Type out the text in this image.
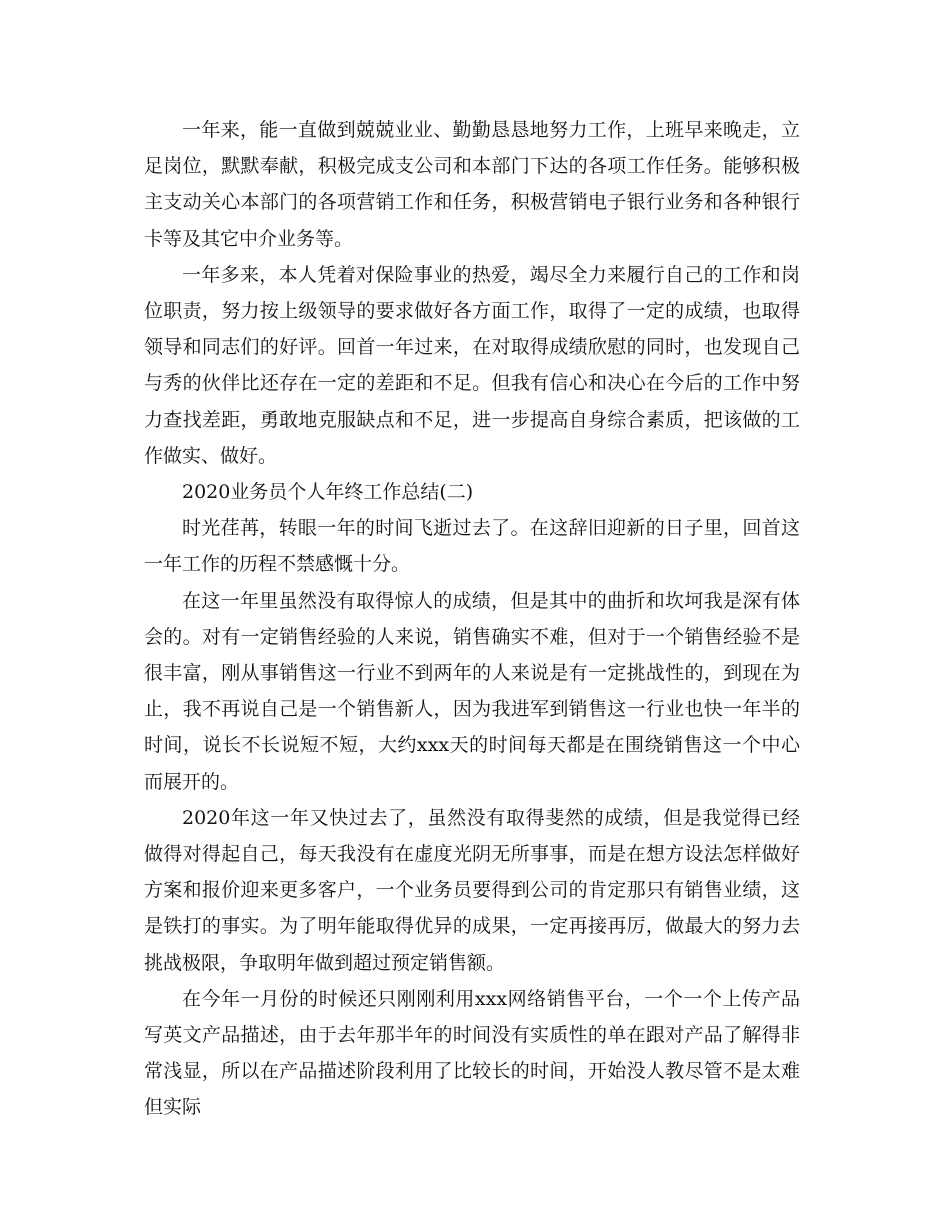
一年来，能一直做到兢兢业业、勤勤恳恳地努力工作，上班早来晚走，立足岗位，默默奉献，积极完成支公司和本部门下达的各项工作任务。能够积极主支动关心本部门的各项营销工作和任务，积极营销电子银行业务和各种银行卡等及其它中介业务等。

一年多来，本人凭着对保险事业的热爱，竭尽全力来履行自己的工作和岗位职责，努力按上级领导的要求做好各方面工作，取得了一定的成绩，也取得领导和同志们的好评。回首一年过来，在对取得成绩欣慰的同时，也发现自己与秀的伙伴比还存在一定的差距和不足。但我有信心和决心在今后的工作中努力查找差距，勇敢地克服缺点和不足，进一步提高自身综合素质，把该做的工作做实、做好。

2020业务员个人年终工作总结(二)

时光荏苒，转眼一年的时间飞逝过去了。在这辞旧迎新的日子里，回首这一年工作的历程不禁感慨十分。

在这一年里虽然没有取得惊人的成绩，但是其中的曲折和坎坷我是深有体会的。对有一定销售经验的人来说，销售确实不难，但对于一个销售经验不是很丰富，刚从事销售这一行业不到两年的人来说是有一定挑战性的，到现在为止，我不再说自己是一个销售新人，因为我进军到销售这一行业也快一年半的时间，说长不长说短不短，大约xxx天的时间每天都是在围绕销售这一个中心而展开的。

2020年这一年又快过去了，虽然没有取得斐然的成绩，但是我觉得已经做得对得起自己，每天我没有在虚度光阴无所事事，而是在想方设法怎样做好方案和报价迎来更多客户，一个业务员要得到公司的肯定那只有销售业绩，这是铁打的事实。为了明年能取得优异的成果，一定再接再厉，做最大的努力去挑战极限，争取明年做到超过预定销售额。

在今年一月份的时候还只刚刚利用xxx网络销售平台，一个一个上传产品写英文产品描述，由于去年那半年的时间没有实质性的单在跟对产品了解得非常浅显，所以在产品描述阶段利用了比较长的时间，开始没人教尽管不是太难但实际
